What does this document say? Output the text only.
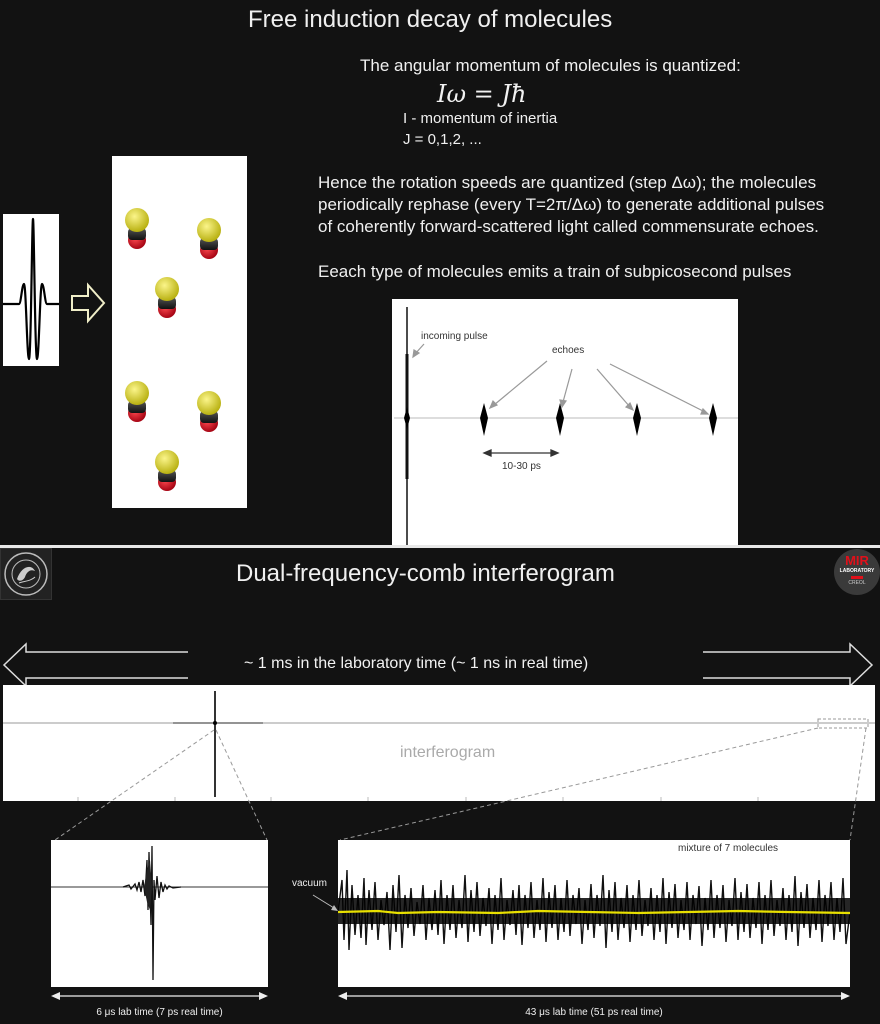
Free induction decay of molecules
The angular momentum of molecules is quantized:
Iω = Jħ
I - momentum of inertia
J = 0,1,2, ...
Hence the rotation speeds are quantized (step Δω); the molecules
periodically rephase (every T=2π/Δω) to generate additional pulses
of coherently forward-scattered light called commensurate echoes.
Eeach type of molecules emits a train of subpicosecond pulses
incoming pulse
echoes
10-30 ps
Dual-frequency-comb interferogram	MIR
LABORATORY
CREOL
~ 1 ms in the laboratory time (~ 1 ns in real time)
interferogram
6 μs lab time (7 ps real time)
vacuum
mixture of 7 molecules
43 μs lab time (51 ps real time)
